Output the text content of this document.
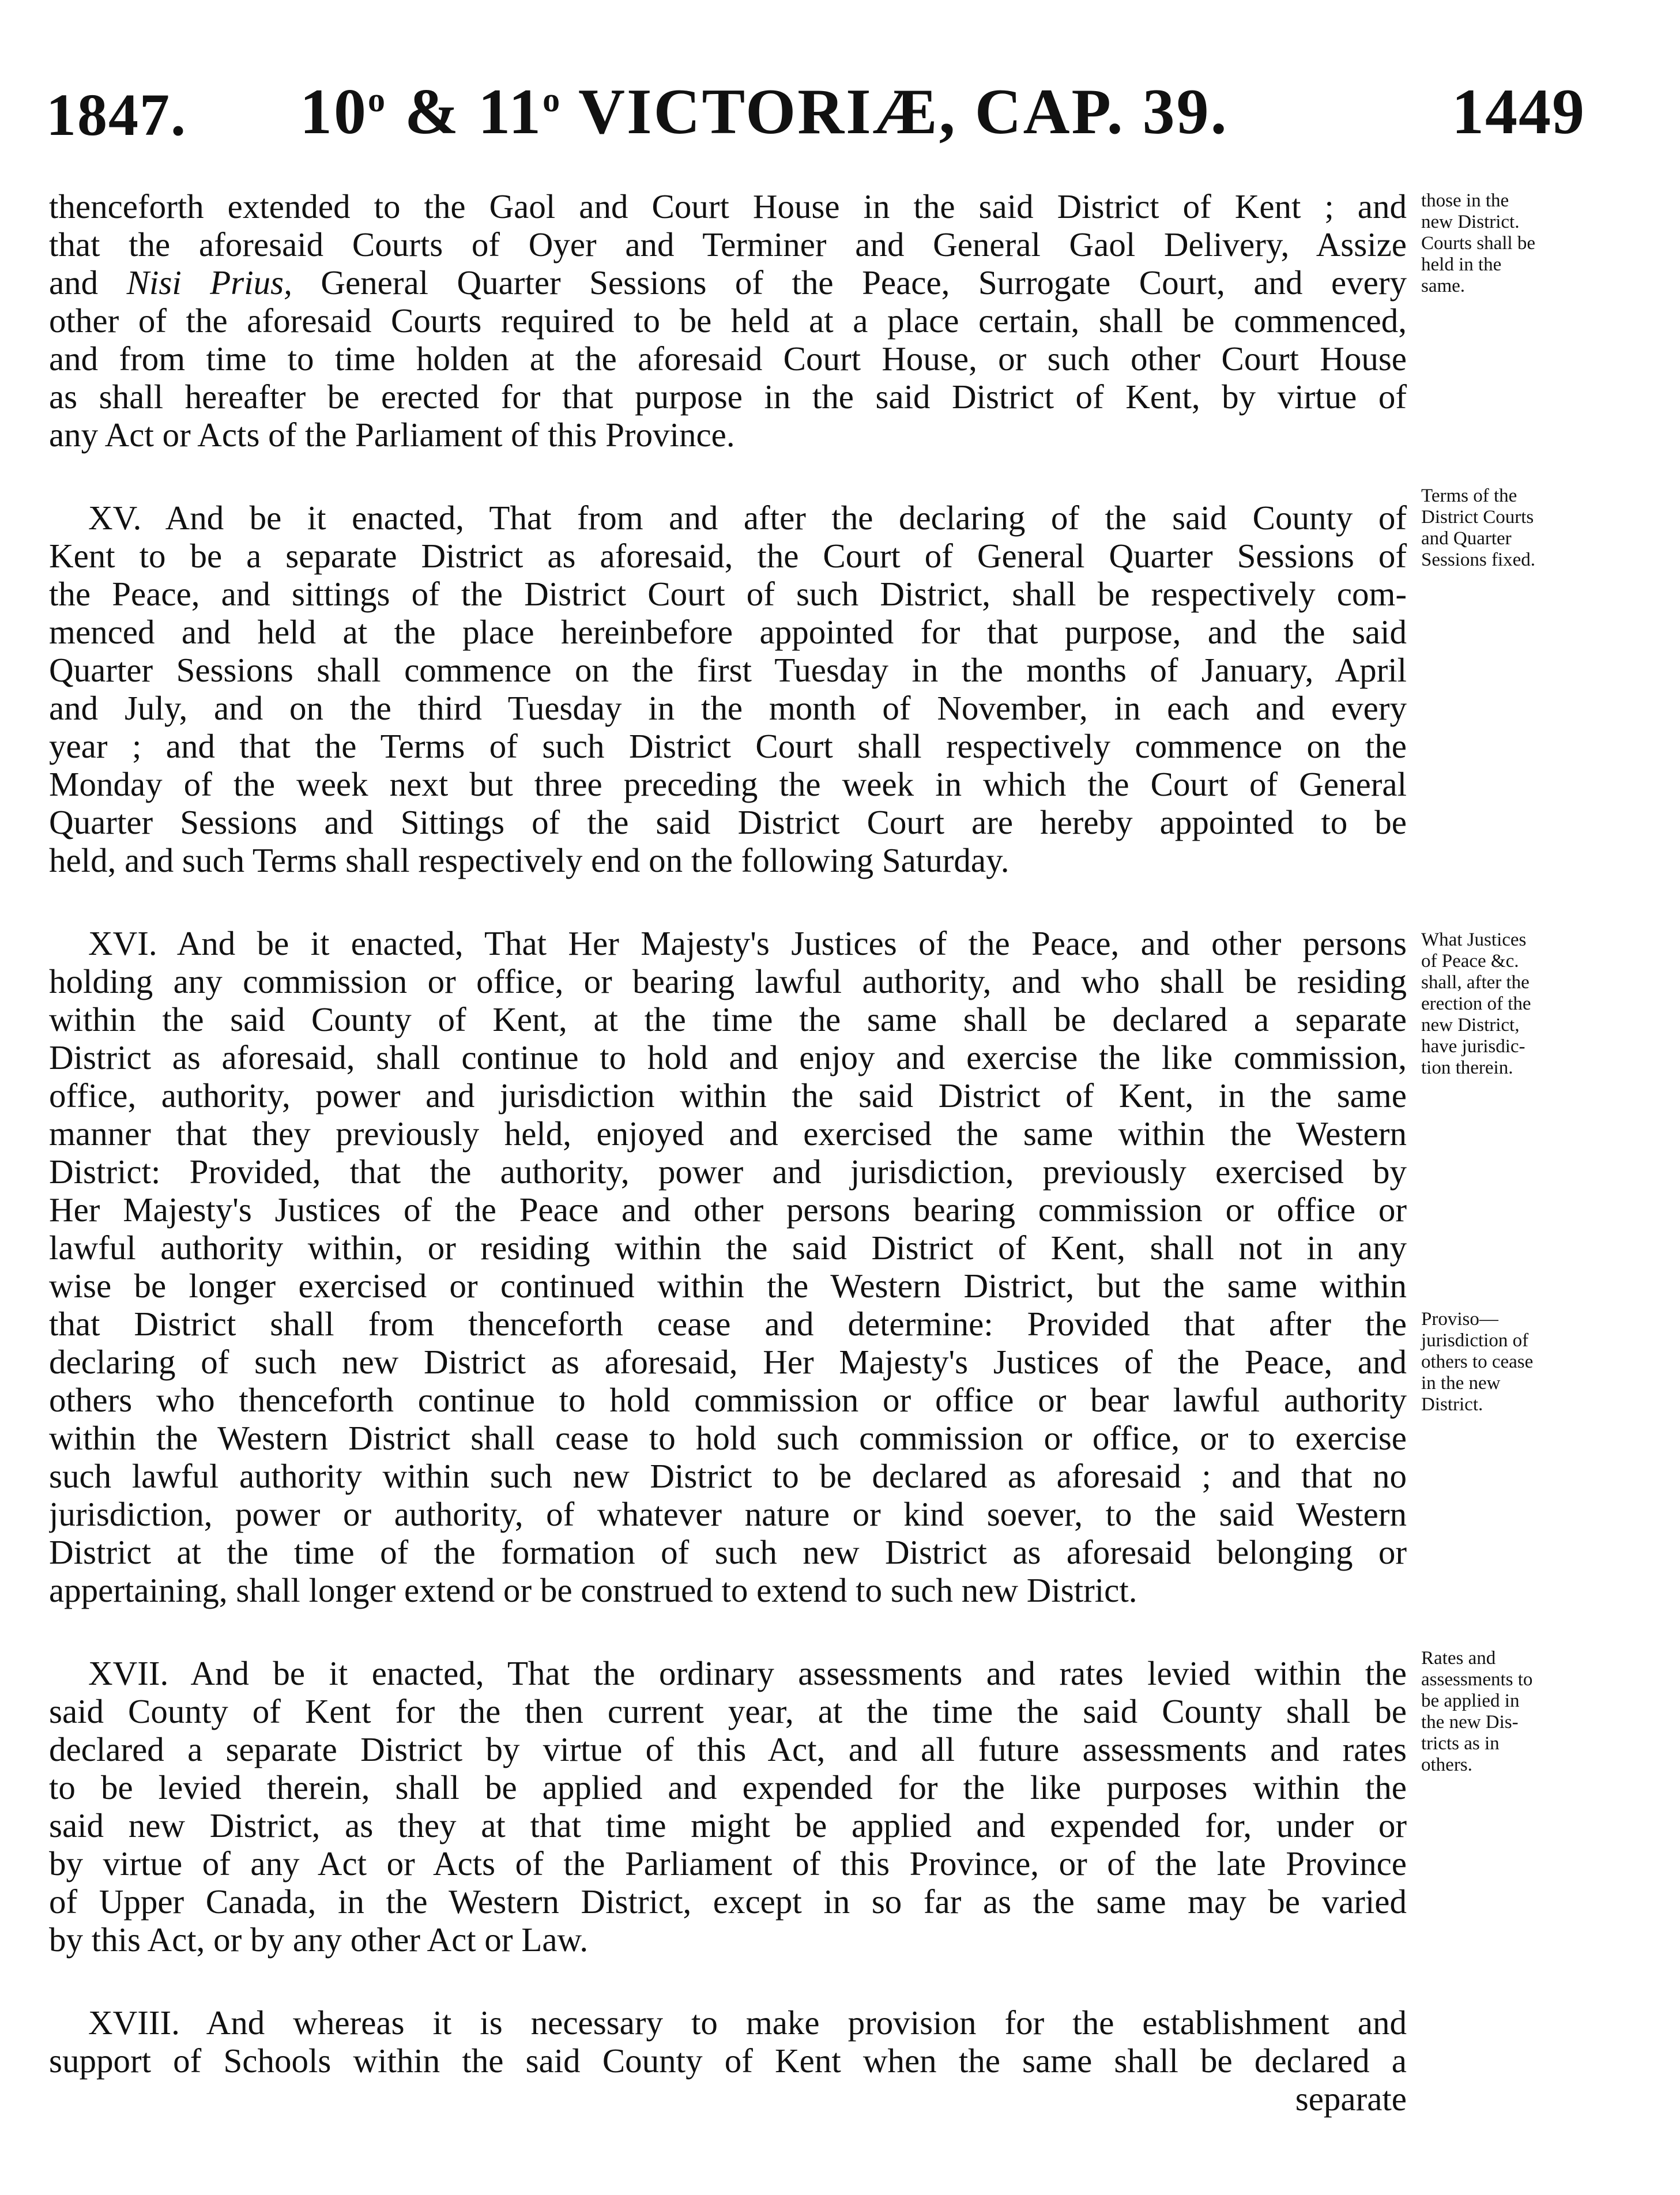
1847. 10$^o$ & 11$^o$ VICTORIÆ, CAP. 39.	1449
thenceforth extended to the Gaol and Court House in the said District of Kent ; and
that the aforesaid Courts of Oyer and Terminer and General Gaol Delivery, Assize
and Nisi Prius, General Quarter Sessions of the Peace, Surrogate Court, and every
other of the aforesaid Courts required to be held at a place certain, shall be commenced,
and from time to time holden at the aforesaid Court House, or such other Court House
as shall hereafter be erected for that purpose in the said District of Kent, by virtue of
any Act or Acts of the Parliament of this Province.
XV. And be it enacted, That from and after the declaring of the said County of
Kent to be a separate District as aforesaid, the Court of General Quarter Sessions of
the Peace, and sittings of the District Court of such District, shall be respectively com-
menced and held at the place hereinbefore appointed for that purpose, and the said
Quarter Sessions shall commence on the first Tuesday in the months of January, April
and July, and on the third Tuesday in the month of November, in each and every
year ; and that the Terms of such District Court shall respectively commence on the
Monday of the week next but three preceding the week in which the Court of General
Quarter Sessions and Sittings of the said District Court are hereby appointed to be
held, and such Terms shall respectively end on the following Saturday.
XVI. And be it enacted, That Her Majesty's Justices of the Peace, and other persons
holding any commission or office, or bearing lawful authority, and who shall be residing
within the said County of Kent, at the time the same shall be declared a separate
District as aforesaid, shall continue to hold and enjoy and exercise the like commission,
office, authority, power and jurisdiction within the said District of Kent, in the same
manner that they previously held, enjoyed and exercised the same within the Western
District: Provided, that the authority, power and jurisdiction, previously exercised by
Her Majesty's Justices of the Peace and other persons bearing commission or office or
lawful authority within, or residing within the said District of Kent, shall not in any
wise be longer exercised or continued within the Western District, but the same within
that District shall from thenceforth cease and determine: Provided that after the
declaring of such new District as aforesaid, Her Majesty's Justices of the Peace, and
others who thenceforth continue to hold commission or office or bear lawful authority
within the Western District shall cease to hold such commission or office, or to exercise
such lawful authority within such new District to be declared as aforesaid ; and that no
jurisdiction, power or authority, of whatever nature or kind soever, to the said Western
District at the time of the formation of such new District as aforesaid belonging or
appertaining, shall longer extend or be construed to extend to such new District.
XVII. And be it enacted, That the ordinary assessments and rates levied within the
said County of Kent for the then current year, at the time the said County shall be
declared a separate District by virtue of this Act, and all future assessments and rates
to be levied therein, shall be applied and expended for the like purposes within the
said new District, as they at that time might be applied and expended for, under or
by virtue of any Act or Acts of the Parliament of this Province, or of the late Province
of Upper Canada, in the Western District, except in so far as the same may be varied
by this Act, or by any other Act or Law.
XVIII. And whereas it is necessary to make provision for the establishment and
support of Schools within the said County of Kent when the same shall be declared a
separate
those in the
new District.
Courts shall be
held in the
same.
Terms of the
District Courts
and Quarter
Sessions fixed.
What Justices
of Peace &c.
shall, after the
erection of the
new District,
have jurisdic-
tion therein.
Proviso—
jurisdiction of
others to cease
in the new
District.
Rates and
assessments to
be applied in
the new Dis-
tricts as in
others.
